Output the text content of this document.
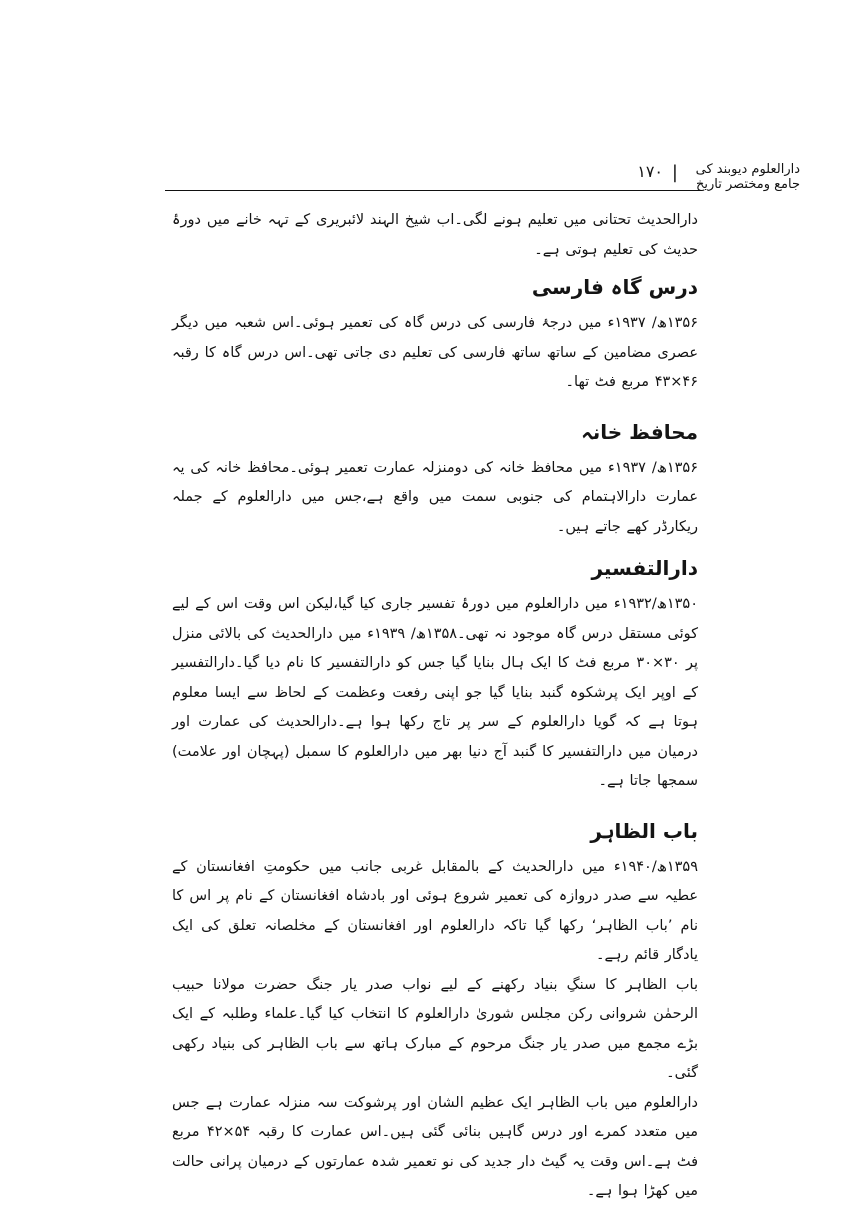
۱۷۰ |	دارالعلوم دیوبند کی جامع ومختصر تاریخ

دارالحدیث تحتانی میں تعلیم ہونے لگی۔اب شیخ الہند لائبریری کے تہہ خانے میں دورۂ حدیث کی تعلیم ہوتی ہے۔

درس گاہ فارسی

۱۳۵۶ھ/ ۱۹۳۷ء میں درجۂ فارسی کی درس گاہ کی تعمیر ہوئی۔اس شعبہ میں دیگر عصری مضامین کے ساتھ ساتھ فارسی کی تعلیم دی جاتی تھی۔اس درس گاہ کا رقبہ ۴۶×۴۳ مربع فٹ تھا۔

محافظ خانہ

۱۳۵۶ھ/ ۱۹۳۷ء میں محافظ خانہ کی دومنزلہ عمارت تعمیر ہوئی۔محافظ خانہ کی یہ عمارت دارالاہتمام کی جنوبی سمت میں واقع ہے،جس میں دارالعلوم کے جملہ ریکارڈر کھے جاتے ہیں۔

دارالتفسیر

۱۳۵۰ھ/۱۹۳۲ء میں دارالعلوم میں دورۂ تفسیر جاری کیا گیا،لیکن اس وقت اس کے لیے کوئی مستقل درس گاہ موجود نہ تھی۔۱۳۵۸ھ/ ۱۹۳۹ء میں دارالحدیث کی بالائی منزل پر ۳۰×۳۰ مربع فٹ کا ایک ہال بنایا گیا جس کو دارالتفسیر کا نام دیا گیا۔دارالتفسیر کے اوپر ایک پرشکوہ گنبد بنایا گیا جو اپنی رفعت وعظمت کے لحاظ سے ایسا معلوم ہوتا ہے کہ گویا دارالعلوم کے سر پر تاج رکھا ہوا ہے۔دارالحدیث کی عمارت اور درمیان میں دارالتفسیر کا گنبد آج دنیا بھر میں دارالعلوم کا سمبل (پہچان اور علامت) سمجھا جاتا ہے۔

باب الظاہر

۱۳۵۹ھ/۱۹۴۰ء میں دارالحدیث کے بالمقابل غربی جانب میں حکومتِ افغانستان کے عطیہ سے صدر دروازہ کی تعمیر شروع ہوئی اور بادشاہ افغانستان کے نام پر اس کا نام ’باب الظاہر‘ رکھا گیا تاکہ دارالعلوم اور افغانستان کے مخلصانہ تعلق کی ایک یادگار قائم رہے۔

باب الظاہر کا سنگِ بنیاد رکھنے کے لیے نواب صدر یار جنگ حضرت مولانا حبیب الرحمٰن شروانی رکن مجلس شوریٰ دارالعلوم کا انتخاب کیا گیا۔علماء وطلبہ کے ایک بڑے مجمع میں صدر یار جنگ مرحوم کے مبارک ہاتھ سے باب الظاہر کی بنیاد رکھی گئی۔

دارالعلوم میں باب الظاہر ایک عظیم الشان اور پرشوکت سہ منزلہ عمارت ہے جس میں متعدد کمرے اور درس گاہیں بنائی گئی ہیں۔اس عمارت کا رقبہ ۵۴×۴۲ مربع فٹ ہے۔اس وقت یہ گیٹ دار جدید کی نو تعمیر شدہ عمارتوں کے درمیان پرانی حالت میں کھڑا ہوا ہے۔
